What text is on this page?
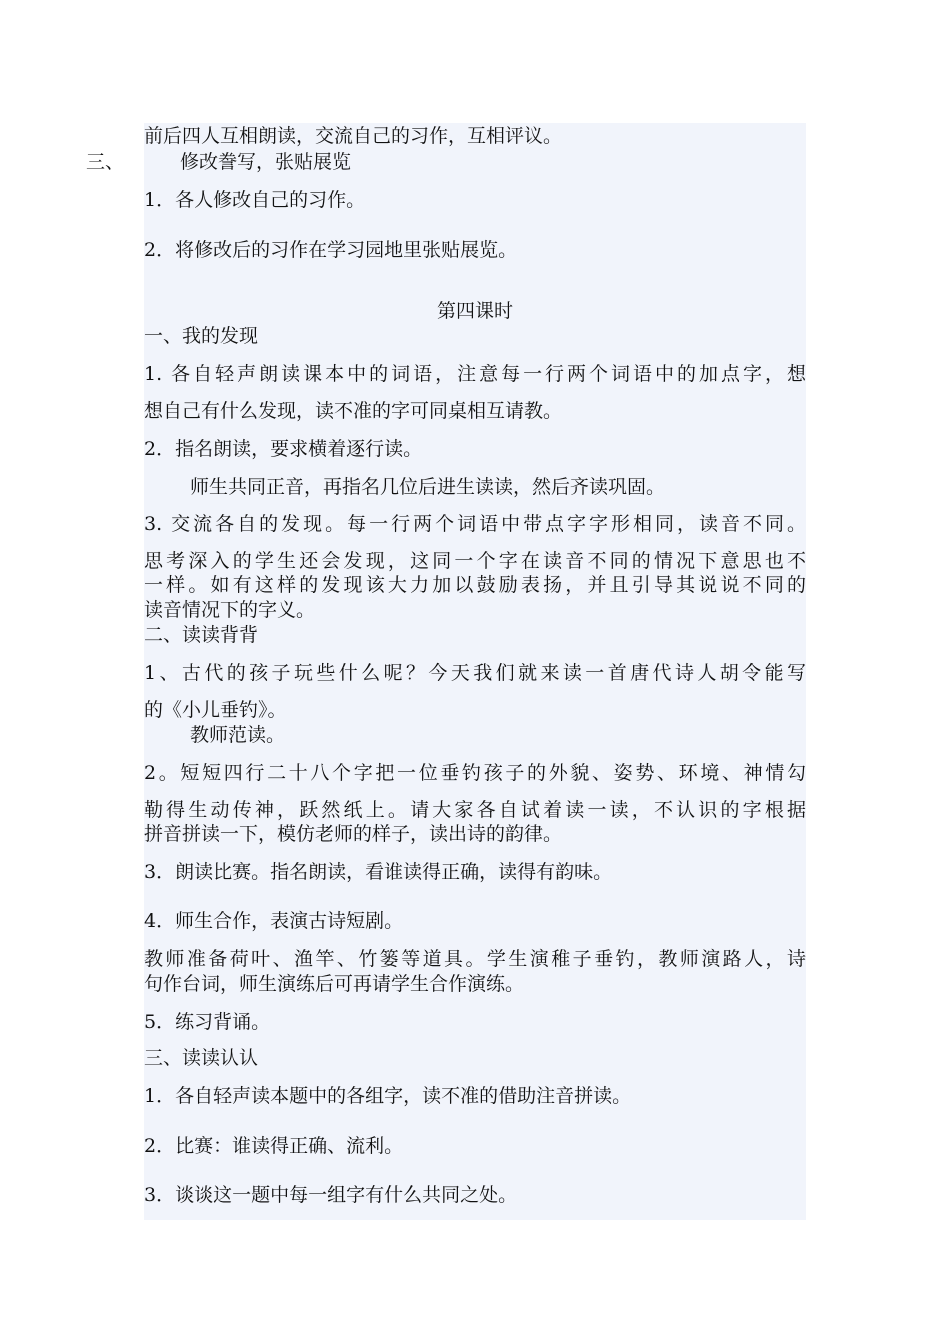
前后四人互相朗读，交流自己的习作，互相评议。
三、	修改誊写，张贴展览
1．各人修改自己的习作。
2．将修改后的习作在学习园地里张贴展览。
第四课时
一、我的发现
1. 各自轻声朗读课本中的词语，注意每一行两个词语中的加点字，想
想自己有什么发现，读不准的字可同桌相互请教。
2．指名朗读，要求横着逐行读。
师生共同正音，再指名几位后进生读读，然后齐读巩固。
3. 交流各自的发现。每一行两个词语中带点字字形相同，读音不同。
思考深入的学生还会发现，这同一个字在读音不同的情况下意思也不
一样。如有这样的发现该大力加以鼓励表扬，并且引导其说说不同的
读音情况下的字义。
二、读读背背
1、古代的孩子玩些什么呢？今天我们就来读一首唐代诗人胡令能写
的《小儿垂钓》。
教师范读。
2。短短四行二十八个字把一位垂钓孩子的外貌、姿势、环境、神情勾
勒得生动传神，跃然纸上。请大家各自试着读一读，不认识的字根据
拼音拼读一下，模仿老师的样子，读出诗的韵律。
3．朗读比赛。指名朗读，看谁读得正确，读得有韵味。
4．师生合作，表演古诗短剧。
教师准备荷叶、渔竿、竹篓等道具。学生演稚子垂钓，教师演路人，诗
句作台词，师生演练后可再请学生合作演练。
5．练习背诵。
三、读读认认
1．各自轻声读本题中的各组字，读不准的借助注音拼读。
2．比赛：谁读得正确、流利。
3．谈谈这一题中每一组字有什么共同之处。
